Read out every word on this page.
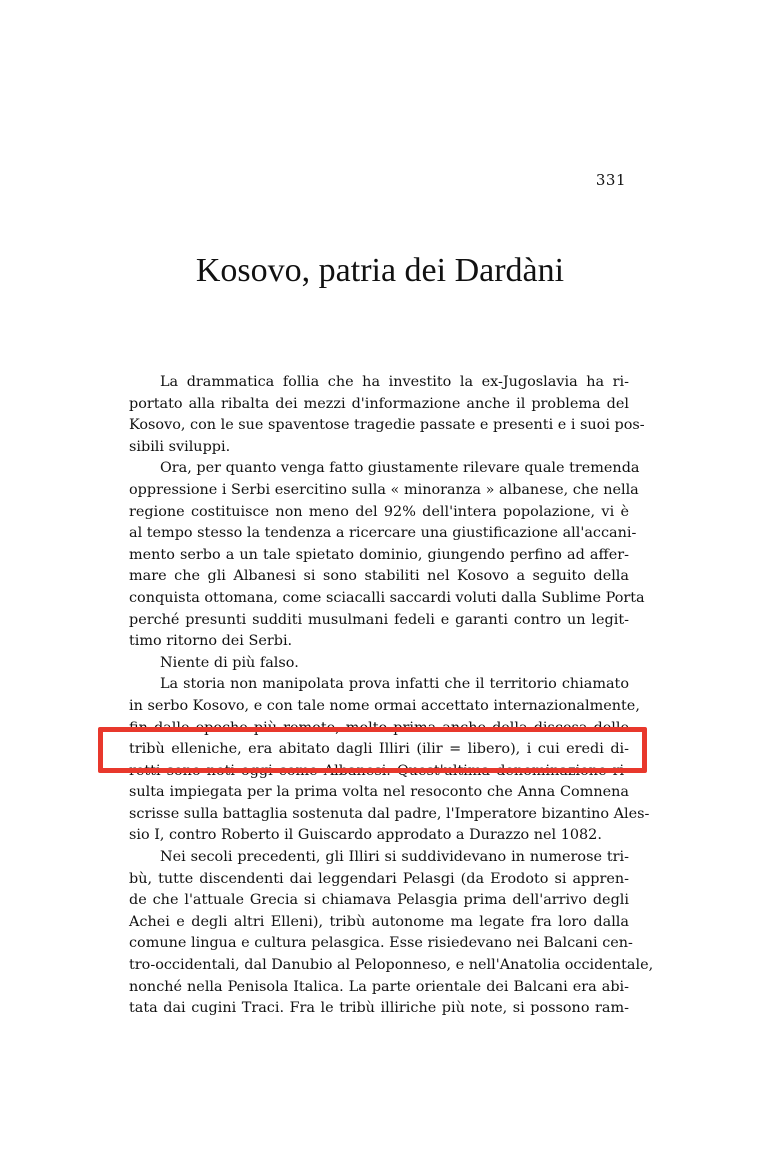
331
Kosovo, patria dei Dardàni
La drammatica follia che ha investito la ex-Jugoslavia ha ri-
portato alla ribalta dei mezzi d'informazione anche il problema del
Kosovo, con le sue spaventose tragedie passate e presenti e i suoi pos-
sibili sviluppi.
Ora, per quanto venga fatto giustamente rilevare quale tremenda
oppressione i Serbi esercitino sulla « minoranza » albanese, che nella
regione costituisce non meno del 92% dell'intera popolazione, vi è
al tempo stesso la tendenza a ricercare una giustificazione all'accani-
mento serbo a un tale spietato dominio, giungendo perfino ad affer-
mare che gli Albanesi si sono stabiliti nel Kosovo a seguito della
conquista ottomana, come sciacalli saccardi voluti dalla Sublime Porta
perché presunti sudditi musulmani fedeli e garanti contro un legit-
timo ritorno dei Serbi.
Niente di più falso.
La storia non manipolata prova infatti che il territorio chiamato
in serbo Kosovo, e con tale nome ormai accettato internazionalmente,
fin dalle epoche più remote, molto prima anche della discesa delle
tribù elleniche, era abitato dagli Illiri (ilir = libero), i cui eredi di-
retti sono noti oggi come Albanesi. Quest'ultima denominazione ri-
sulta impiegata per la prima volta nel resoconto che Anna Comnena
scrisse sulla battaglia sostenuta dal padre, l'Imperatore bizantino Ales-
sio I, contro Roberto il Guiscardo approdato a Durazzo nel 1082.
Nei secoli precedenti, gli Illiri si suddividevano in numerose tri-
bù, tutte discendenti dai leggendari Pelasgi (da Erodoto si appren-
de che l'attuale Grecia si chiamava Pelasgia prima dell'arrivo degli
Achei e degli altri Elleni), tribù autonome ma legate fra loro dalla
comune lingua e cultura pelasgica. Esse risiedevano nei Balcani cen-
tro-occidentali, dal Danubio al Peloponneso, e nell'Anatolia occidentale,
nonché nella Penisola Italica. La parte orientale dei Balcani era abi-
tata dai cugini Traci. Fra le tribù illiriche più note, si possono ram-
